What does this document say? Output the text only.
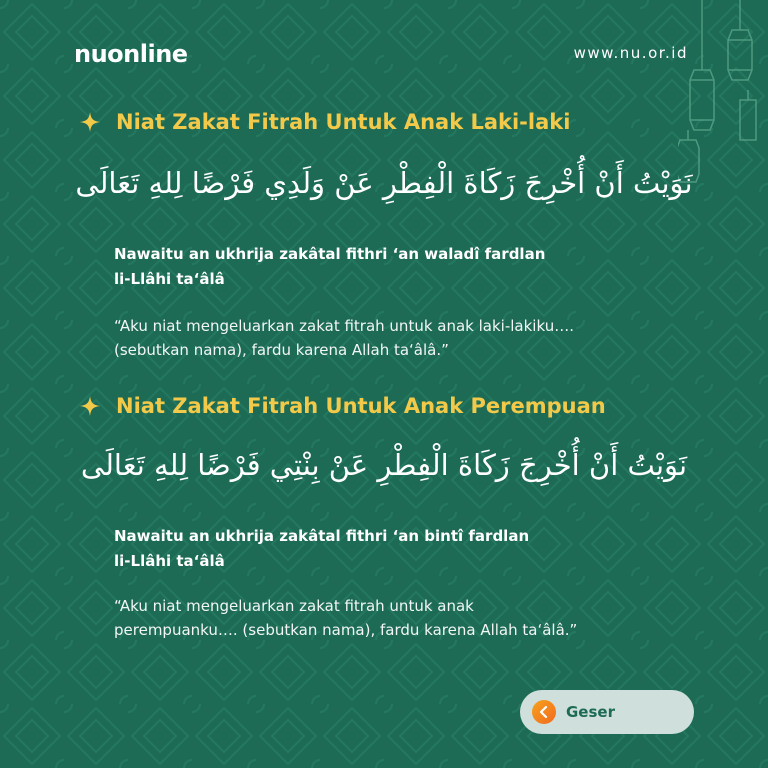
nuonline	www.nu.or.id
Niat Zakat Fitrah Untuk Anak Laki-laki
نَوَيْتُ أَنْ أُخْرِجَ زَكَاةَ الْفِطْرِ عَنْ وَلَدِي فَرْضًا لِلهِ تَعَالَى
Nawaitu an ukhrija zakâtal fithri ‘an waladî fardlan
li-Llâhi ta‘âlâ
“Aku niat mengeluarkan zakat fitrah untuk anak laki-lakiku….
(sebutkan nama), fardu karena Allah ta‘âlâ.”
Niat Zakat Fitrah Untuk Anak Perempuan
نَوَيْتُ أَنْ أُخْرِجَ زَكَاةَ الْفِطْرِ عَنْ بِنْتِي فَرْضًا لِلهِ تَعَالَى
Nawaitu an ukhrija zakâtal fithri ‘an bintî fardlan
li-Llâhi ta‘âlâ
“Aku niat mengeluarkan zakat fitrah untuk anak
perempuanku…. (sebutkan nama), fardu karena Allah ta‘âlâ.”
Geser
